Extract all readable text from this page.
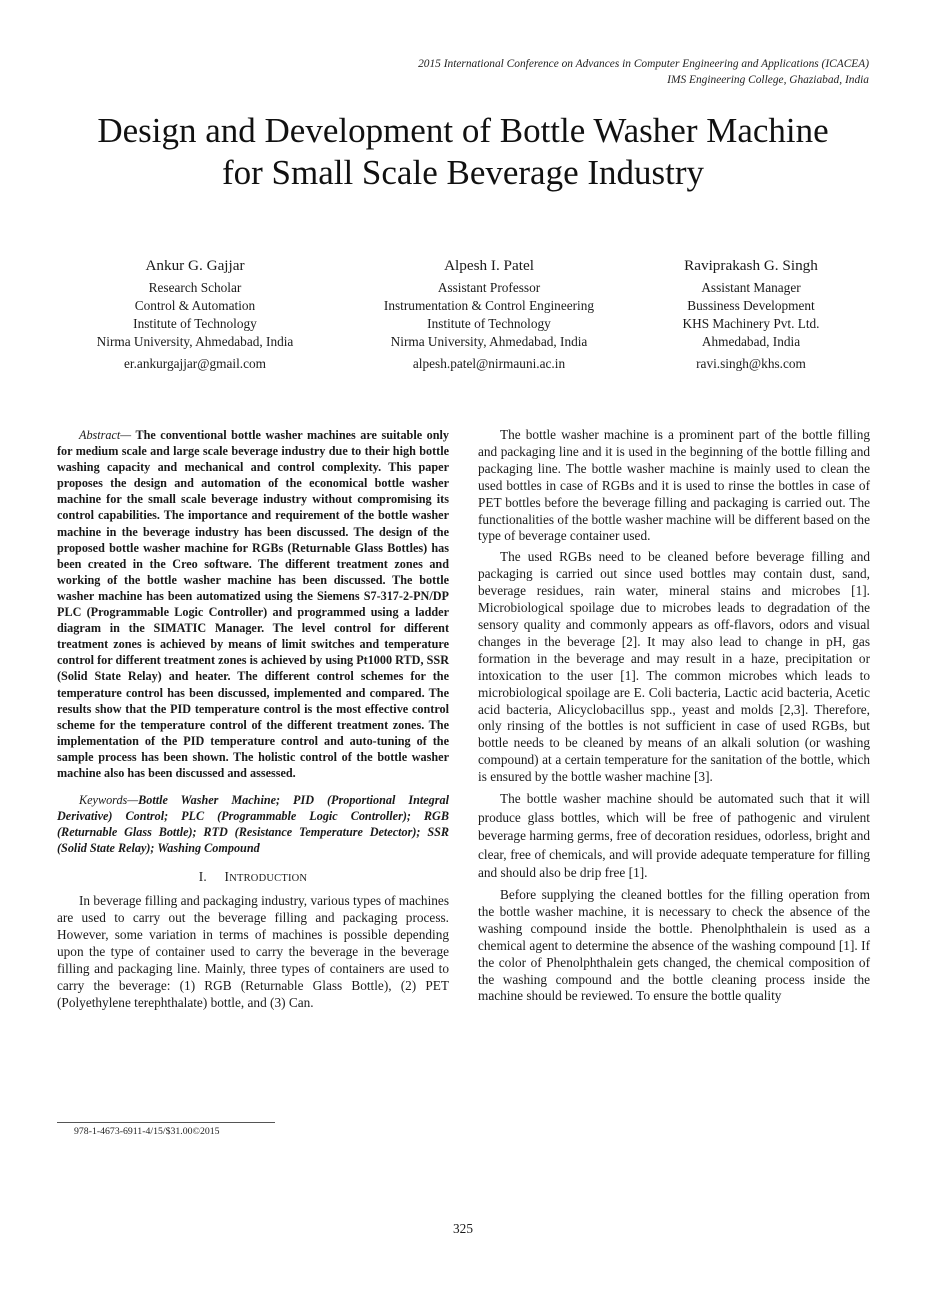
2015 International Conference on Advances in Computer Engineering and Applications (ICACEA)
IMS Engineering College, Ghaziabad, India
Design and Development of Bottle Washer Machine
for Small Scale Beverage Industry
Ankur G. Gajjar
Research Scholar
Control & Automation
Institute of Technology
Nirma University, Ahmedabad, India
er.ankurgajjar@gmail.com
Alpesh I. Patel
Assistant Professor
Instrumentation & Control Engineering
Institute of Technology
Nirma University, Ahmedabad, India
alpesh.patel@nirmauni.ac.in
Raviprakash G. Singh
Assistant Manager
Bussiness Development
KHS Machinery Pvt. Ltd.
Ahmedabad, India
ravi.singh@khs.com

Abstract— The conventional bottle washer machines are suitable only for medium scale and large scale beverage industry due to their high bottle washing capacity and mechanical and control complexity. This paper proposes the design and automation of the economical bottle washer machine for the small scale beverage industry without compromising its control capabilities. The importance and requirement of the bottle washer machine in the beverage industry has been discussed. The design of the proposed bottle washer machine for RGBs (Returnable Glass Bottles) has been created in the Creo software. The different treatment zones and working of the bottle washer machine has been discussed. The bottle washer machine has been automatized using the Siemens S7-317-2-PN/DP PLC (Programmable Logic Controller) and programmed using a ladder diagram in the SIMATIC Manager. The level control for different treatment zones is achieved by means of limit switches and temperature control for different treatment zones is achieved by using Pt1000 RTD, SSR (Solid State Relay) and heater. The different control schemes for the temperature control has been discussed, implemented and compared. The results show that the PID temperature control is the most effective control scheme for the temperature control of the different treatment zones. The implementation of the PID temperature control and auto-tuning of the sample process has been shown. The holistic control of the bottle washer machine also has been discussed and assessed.

Keywords—Bottle Washer Machine; PID (Proportional Integral Derivative) Control; PLC (Programmable Logic Controller); RGB (Returnable Glass Bottle); RTD (Resistance Temperature Detector); SSR (Solid State Relay); Washing Compound

I. INTRODUCTION

In beverage filling and packaging industry, various types of machines are used to carry out the beverage filling and packaging process. However, some variation in terms of machines is possible depending upon the type of container used to carry the beverage in the beverage filling and packaging line. Mainly, three types of containers are used to carry the beverage: (1) RGB (Returnable Glass Bottle), (2) PET (Polyethylene terephthalate) bottle, and (3) Can.

The bottle washer machine is a prominent part of the bottle filling and packaging line and it is used in the beginning of the bottle filling and packaging line. The bottle washer machine is mainly used to clean the used bottles in case of RGBs and it is used to rinse the bottles in case of PET bottles before the beverage filling and packaging is carried out. The functionalities of the bottle washer machine will be different based on the type of beverage container used.

The used RGBs need to be cleaned before beverage filling and packaging is carried out since used bottles may contain dust, sand, beverage residues, rain water, mineral stains and microbes [1]. Microbiological spoilage due to microbes leads to degradation of the sensory quality and commonly appears as off-flavors, odors and visual changes in the beverage [2]. It may also lead to change in pH, gas formation in the beverage and may result in a haze, precipitation or intoxication to the user [1]. The common microbes which leads to microbiological spoilage are E. Coli bacteria, Lactic acid bacteria, Acetic acid bacteria, Alicyclobacillus spp., yeast and molds [2,3]. Therefore, only rinsing of the bottles is not sufficient in case of used RGBs, but bottle needs to be cleaned by means of an alkali solution (or washing compound) at a certain temperature for the sanitation of the bottle, which is ensured by the bottle washer machine [3].

The bottle washer machine should be automated such that it will produce glass bottles, which will be free of pathogenic and virulent beverage harming germs, free of decoration residues, odorless, bright and clear, free of chemicals, and will provide adequate temperature for filling and should also be drip free [1].

Before supplying the cleaned bottles for the filling operation from the bottle washer machine, it is necessary to check the absence of the washing compound inside the bottle. Phenolphthalein is used as a chemical agent to determine the absence of the washing compound [1]. If the color of Phenolphthalein gets changed, the chemical composition of the washing compound and the bottle cleaning process inside the machine should be reviewed. To ensure the bottle quality

978-1-4673-6911-4/15/$31.00©2015
325
